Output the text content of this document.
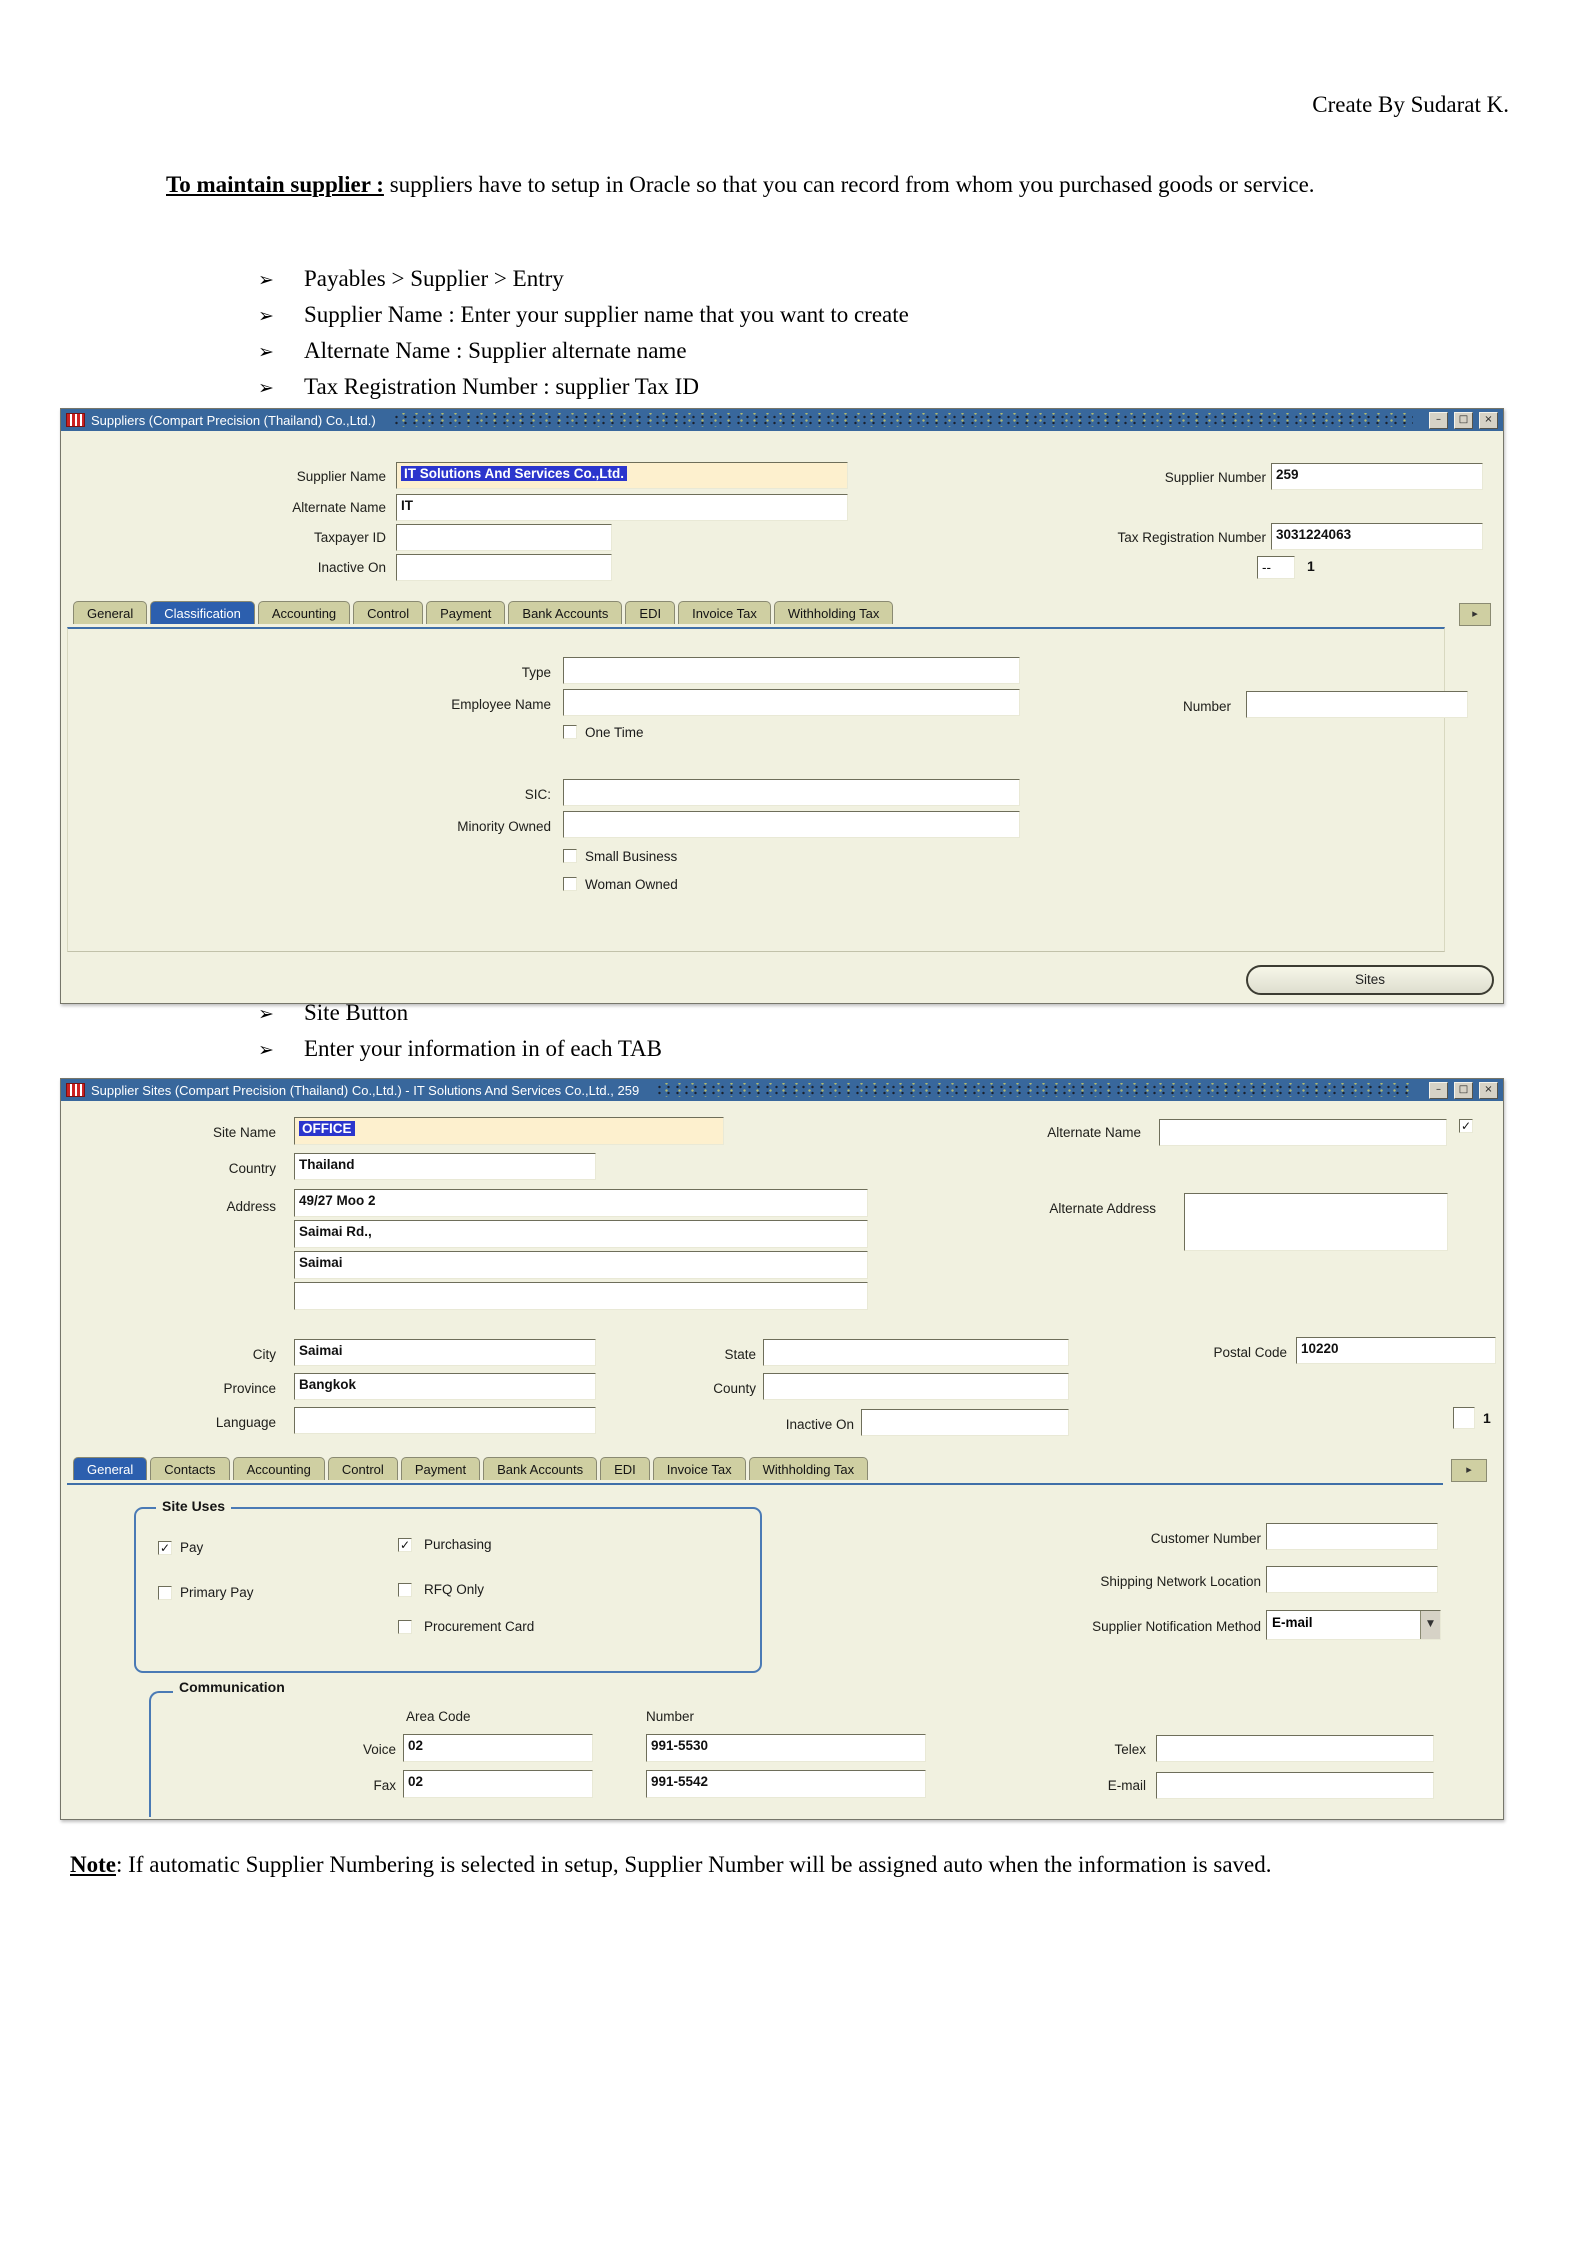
Create By Sudarat K.

To maintain supplier : suppliers have to setup in Oracle so that you can record from whom you purchased goods or service.

➢	Payables > Supplier > Entry
➢	Supplier Name : Enter your supplier name that you want to create
➢	Alternate Name : Supplier alternate name
➢	Tax Registration Number : supplier Tax ID
Suppliers (Compart Precision (Thailand) Co.,Ltd.)	–	□	×
Supplier Name	IT Solutions And Services Co.,Ltd.
Alternate Name	IT
Taxpayer ID
Inactive On
Supplier Number 259
Tax Registration Number 3031224063
--	1
General	Classification	Accounting	Control	Payment	Bank Accounts	EDI	Invoice Tax	Withholding Tax	▸
Type
Employee Name	Number
One Time
SIC:
Minority Owned
Small Business
Woman Owned
Sites
➢	Site Button
➢	Enter your information in of each TAB
Supplier Sites (Compart Precision (Thailand) Co.,Ltd.) - IT Solutions And Services Co.,Ltd., 259	–	□	×
Site Name	OFFICE	✓
Alternate Name
Country	Thailand
Address	49/27 Moo 2
Saimai Rd.,
Saimai
Alternate Address
City	Saimai	State	Postal Code	10220
Province	Bangkok	County
Language	Inactive On	1
General	Contacts	Accounting	Control	Payment	Bank Accounts	EDI	Invoice Tax	Withholding Tax	▸
Site Uses
✓ Pay	✓ Purchasing
Primary Pay	RFQ Only
Procurement Card
Customer Number
Shipping Network Location
Supplier Notification Method E-mail	▼
Communication
Area Code	Number
Voice 02	991-5530	Telex
Fax 02	991-5542	E-mail

Note: If automatic Supplier Numbering is selected in setup, Supplier Number will be assigned auto when the information is saved.
